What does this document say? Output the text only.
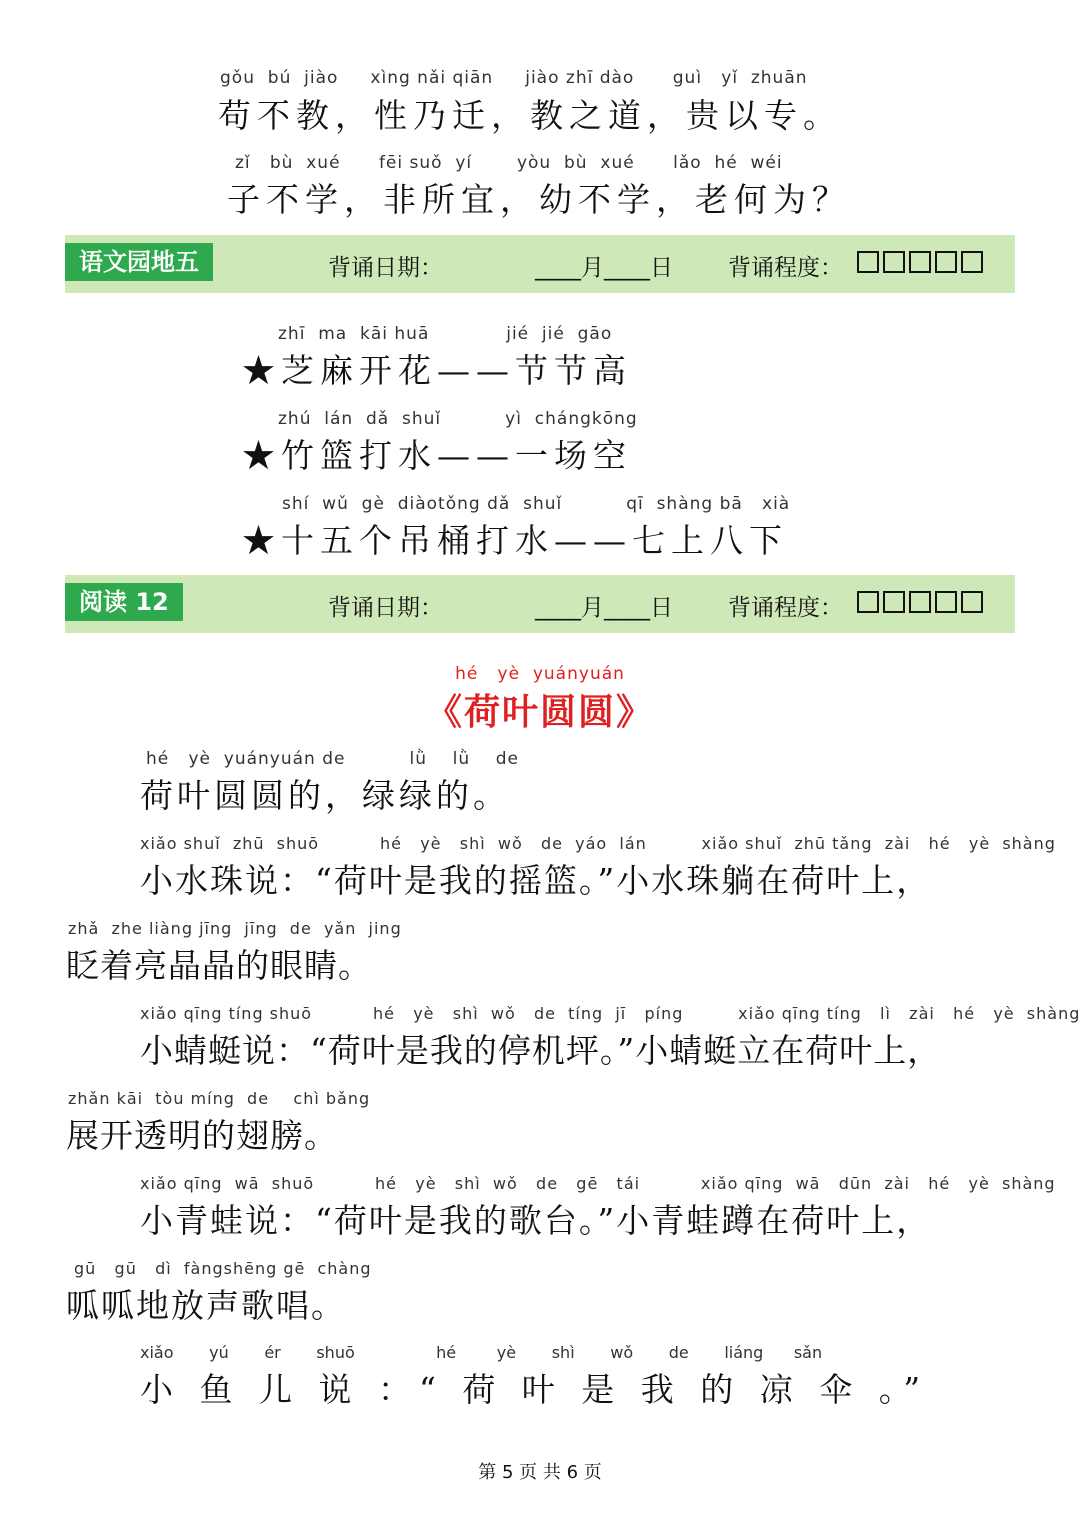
gǒu  bú  jiào     xìng nǎi qiān     jiào zhī dào      guì   yǐ  zhuān
苟不教，性乃迁，教之道，贵以专。
zǐ   bù  xué      fēi suǒ  yí       yòu  bù  xué      lǎo  hé  wéi
子不学，非所宜，幼不学，老何为？
语文园地五	背诵日期：	____月____日 背诵程度：
zhī  ma  kāi huā            jié  jié  gāo
★芝麻开花——节节高
zhú  lán  dǎ  shuǐ          yì  chángkōng
★竹篮打水——一场空
shí  wǔ  gè  diàotǒng dǎ  shuǐ          qī  shàng bā   xià
★十五个吊桶打水——七上八下
阅读 12	背诵日期：	____月____日 背诵程度：
hé   yè  yuányuán
《荷叶圆圆》
hé   yè  yuányuán de          lǜ    lǜ    de
荷叶圆圆的，绿绿的。
xiǎo shuǐ  zhū  shuō          hé   yè   shì  wǒ   de  yáo  lán         xiǎo shuǐ  zhū tǎng  zài   hé   yè  shàng
小水珠说：“荷叶是我的摇篮。”小水珠躺在荷叶上，
zhǎ  zhe liàng jīng  jīng  de  yǎn  jing
眨着亮晶晶的眼睛。
xiǎo qīng tíng shuō          hé   yè   shì  wǒ   de  tíng  jī   píng         xiǎo qīng tíng   lì   zài   hé   yè  shàng
小蜻蜓说：“荷叶是我的停机坪。”小蜻蜓立在荷叶上，
zhǎn kāi  tòu míng  de    chì bǎng
展开透明的翅膀。
xiǎo qīng  wā  shuō          hé   yè   shì  wǒ   de   gē   tái          xiǎo qīng  wā   dūn  zài   hé   yè  shàng
小青蛙说：“荷叶是我的歌台。”小青蛙蹲在荷叶上，
gū   gū   dì  fàngshēng gē  chàng
呱呱地放声歌唱。
xiǎo       yú       ér       shuō                hé        yè       shì       wǒ       de       liáng      sǎn
小 鱼 儿 说 ：“ 荷 叶 是 我 的 凉 伞 。”
第 5 页 共 6 页
